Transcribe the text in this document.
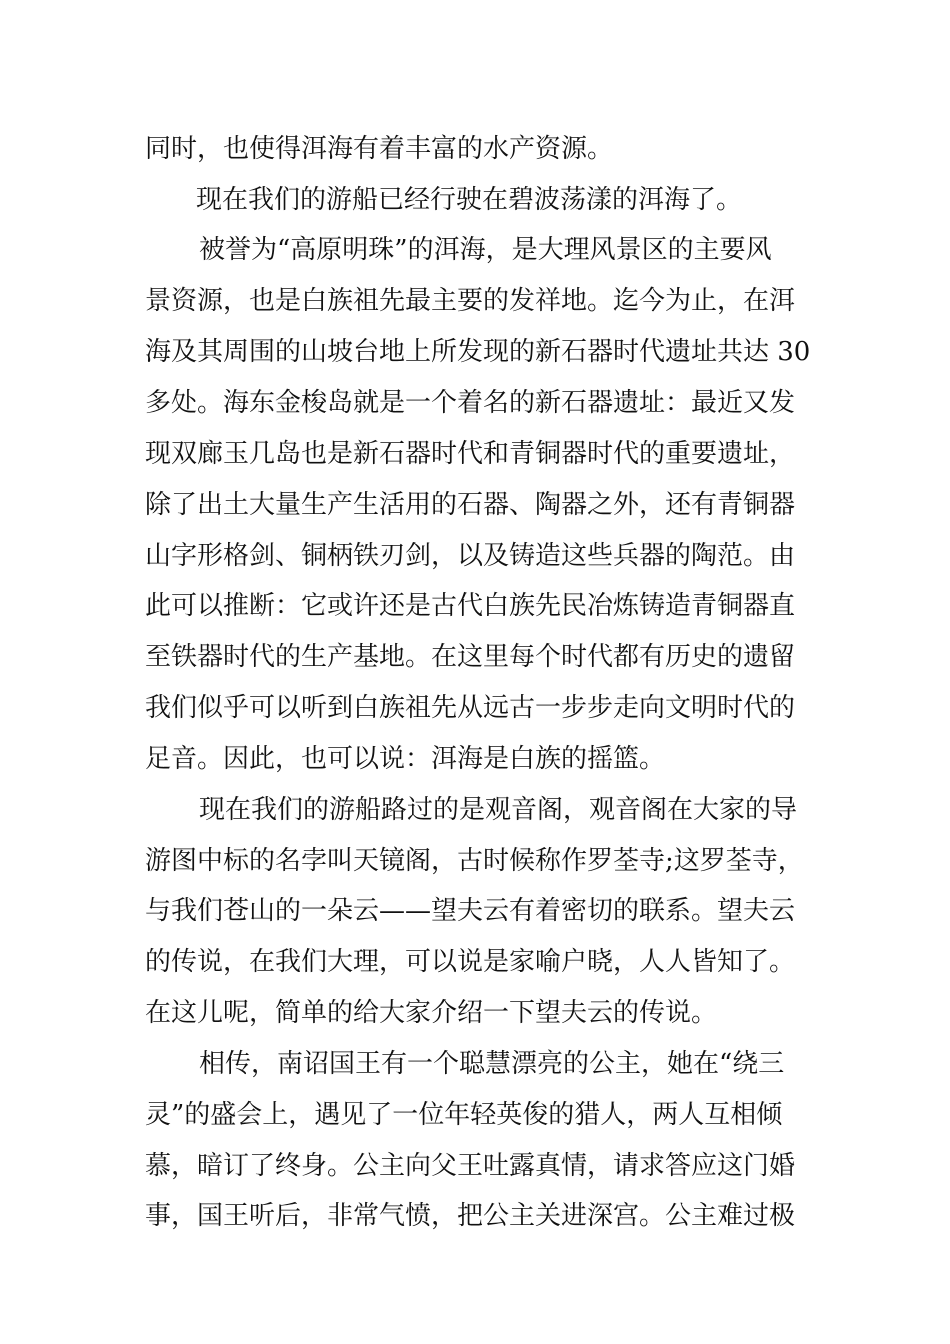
同时，也使得洱海有着丰富的水产资源。
现在我们的游船已经行驶在碧波荡漾的洱海了。
被誉为“高原明珠”的洱海，是大理风景区的主要风
景资源，也是白族祖先最主要的发祥地。迄今为止，在洱
海及其周围的山坡台地上所发现的新石器时代遗址共达 30
多处。海东金梭岛就是一个着名的新石器遗址：最近又发
现双廊玉几岛也是新石器时代和青铜器时代的重要遗址，
除了出土大量生产生活用的石器、陶器之外，还有青铜器
山字形格剑、铜柄铁刃剑，以及铸造这些兵器的陶范。由
此可以推断：它或许还是古代白族先民冶炼铸造青铜器直
至铁器时代的生产基地。在这里每个时代都有历史的遗留
我们似乎可以听到白族祖先从远古一步步走向文明时代的
足音。因此，也可以说：洱海是白族的摇篮。
现在我们的游船路过的是观音阁，观音阁在大家的导
游图中标的名孛叫天镜阁，古时候称作罗荃寺;这罗荃寺，
与我们苍山的一朵云——望夫云有着密切的联系。望夫云
的传说，在我们大理，可以说是家喻户晓，人人皆知了。
在这儿呢，简单的给大家介绍一下望夫云的传说。
相传，南诏国王有一个聪慧漂亮的公主，她在“绕三
灵”的盛会上，遇见了一位年轻英俊的猎人，两人互相倾
慕，暗订了终身。公主向父王吐露真情，请求答应这门婚
事，国王听后，非常气愤，把公主关进深宫。公主难过极
